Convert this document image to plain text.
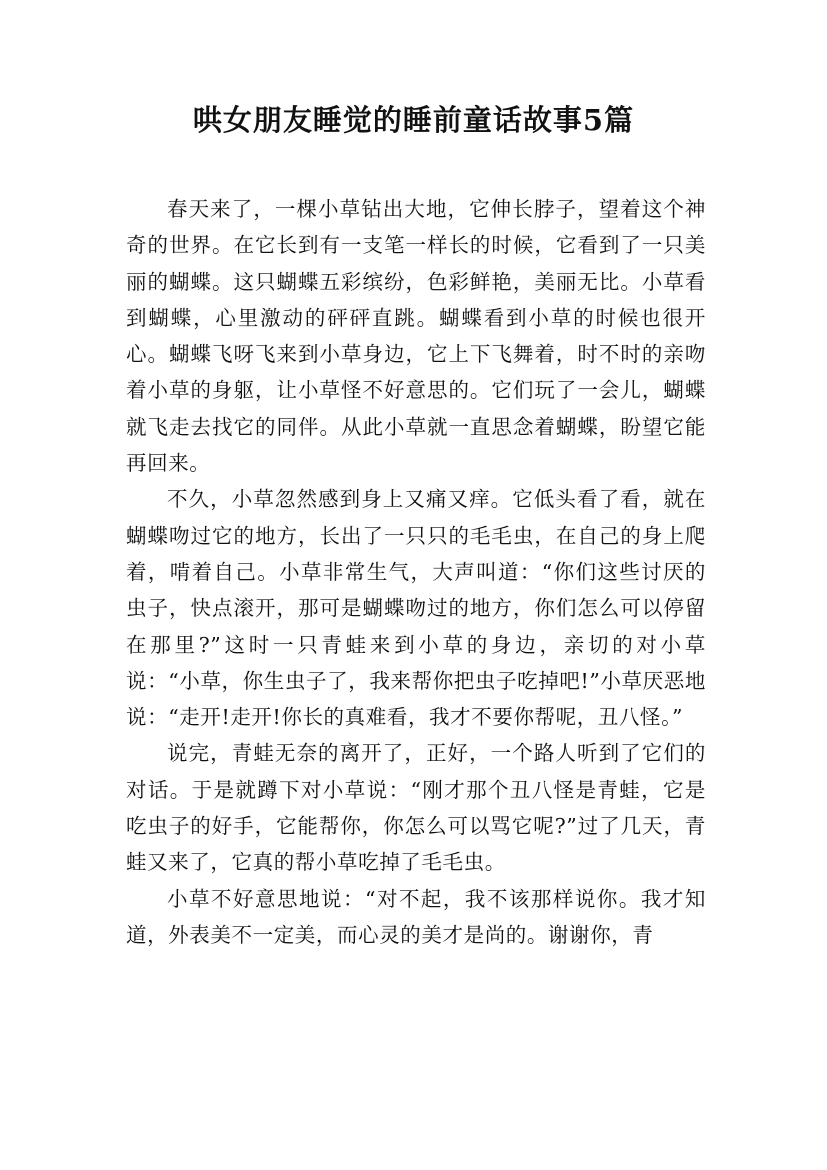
哄女朋友睡觉的睡前童话故事5篇

春天来了，一棵小草钻出大地，它伸长脖子，望着这个神奇的世界。在它长到有一支笔一样长的时候，它看到了一只美丽的蝴蝶。这只蝴蝶五彩缤纷，色彩鲜艳，美丽无比。小草看到蝴蝶，心里激动的砰砰直跳。蝴蝶看到小草的时候也很开心。蝴蝶飞呀飞来到小草身边，它上下飞舞着，时不时的亲吻着小草的身躯，让小草怪不好意思的。它们玩了一会儿，蝴蝶就飞走去找它的同伴。从此小草就一直思念着蝴蝶，盼望它能再回来。

不久，小草忽然感到身上又痛又痒。它低头看了看，就在蝴蝶吻过它的地方，长出了一只只的毛毛虫，在自己的身上爬着，啃着自己。小草非常生气，大声叫道：“你们这些讨厌的虫子，快点滚开，那可是蝴蝶吻过的地方，你们怎么可以停留在那里?”这时一只青蛙来到小草的身边，亲切的对小草说：“小草，你生虫子了，我来帮你把虫子吃掉吧!”小草厌恶地说：“走开!走开!你长的真难看，我才不要你帮呢，丑八怪。”

说完，青蛙无奈的离开了，正好，一个路人听到了它们的对话。于是就蹲下对小草说：“刚才那个丑八怪是青蛙，它是吃虫子的好手，它能帮你，你怎么可以骂它呢?”过了几天，青蛙又来了，它真的帮小草吃掉了毛毛虫。

小草不好意思地说：“对不起，我不该那样说你。我才知道，外表美不一定美，而心灵的美才是尚的。谢谢你，青
